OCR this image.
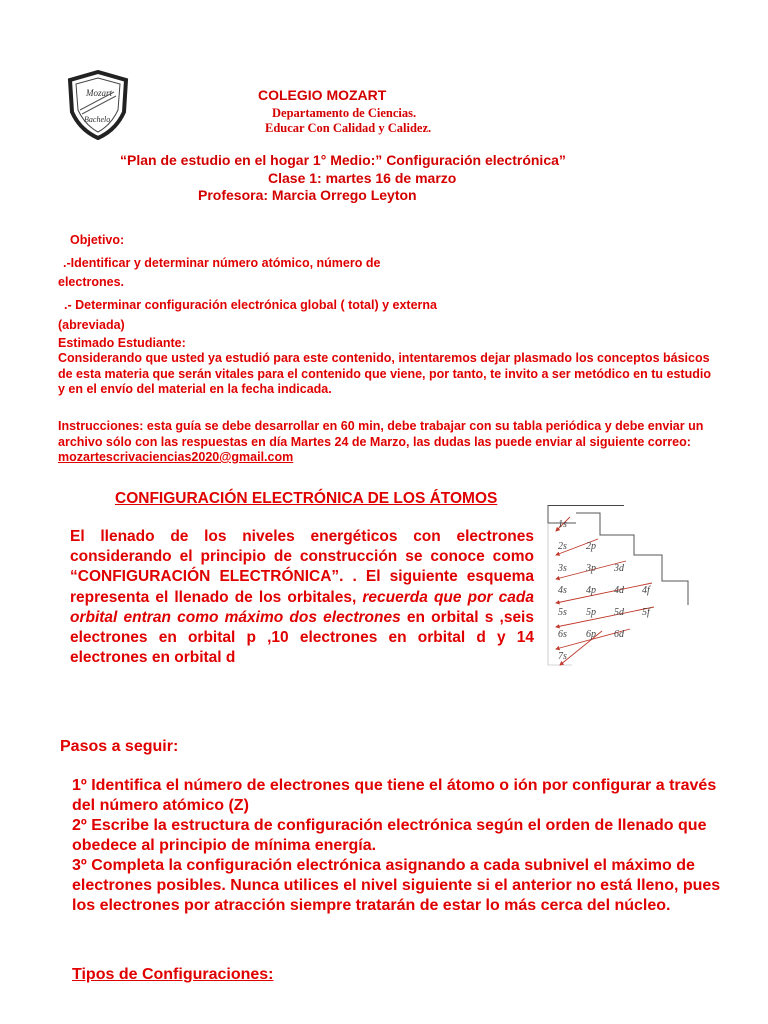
Mozart
Bachelo
COLEGIO MOZART
Departamento de Ciencias.
Educar Con Calidad y Calidez.
“Plan de estudio en el hogar 1° Medio:” Configuración electrónica”
Clase 1: martes 16 de marzo
Profesora: Marcia Orrego Leyton
Objetivo:
.-Identificar y determinar número atómico, número de
electrones.
.- Determinar configuración electrónica global ( total) y externa
(abreviada)
Estimado Estudiante:
Considerando que usted ya estudió para este contenido, intentaremos dejar plasmado los conceptos básicos de esta materia que serán vitales para el contenido que viene, por tanto, te invito a ser metódico en tu estudio y en el envío del material en la fecha indicada.
Instrucciones: esta guía se debe desarrollar en 60 min, debe trabajar con su tabla periódica y debe enviar un archivo sólo con las respuestas en día Martes 24 de Marzo, las dudas las puede enviar al siguiente correo: mozartescrivaciencias2020@gmail.com
CONFIGURACIÓN ELECTRÓNICA DE LOS ÁTOMOS
El llenado de los niveles energéticos con electrones considerando el principio de construcción se conoce como “CONFIGURACIÓN ELECTRÓNICA”. . El siguiente esquema representa el llenado de los orbitales, recuerda que por cada orbital entran como máximo dos electrones en orbital s ,seis electrones en orbital p ,10 electrones en orbital d y 14 electrones en orbital d
1s
2s 2p
3s 3p 3d
4s 4p 4d 4f
5s 5p 5d 5f
6s 6p 6d
7s
Pasos a seguir:
1º Identifica el número de electrones que tiene el átomo o ión por configurar a través del número atómico (Z)
2º Escribe la estructura de configuración electrónica según el orden de llenado que obedece al principio de mínima energía.
3º Completa la configuración electrónica asignando a cada subnivel el máximo de electrones posibles. Nunca utilices el nivel siguiente si el anterior no está lleno, pues los electrones por atracción siempre tratarán de estar lo más cerca del núcleo.
Tipos de Configuraciones:
